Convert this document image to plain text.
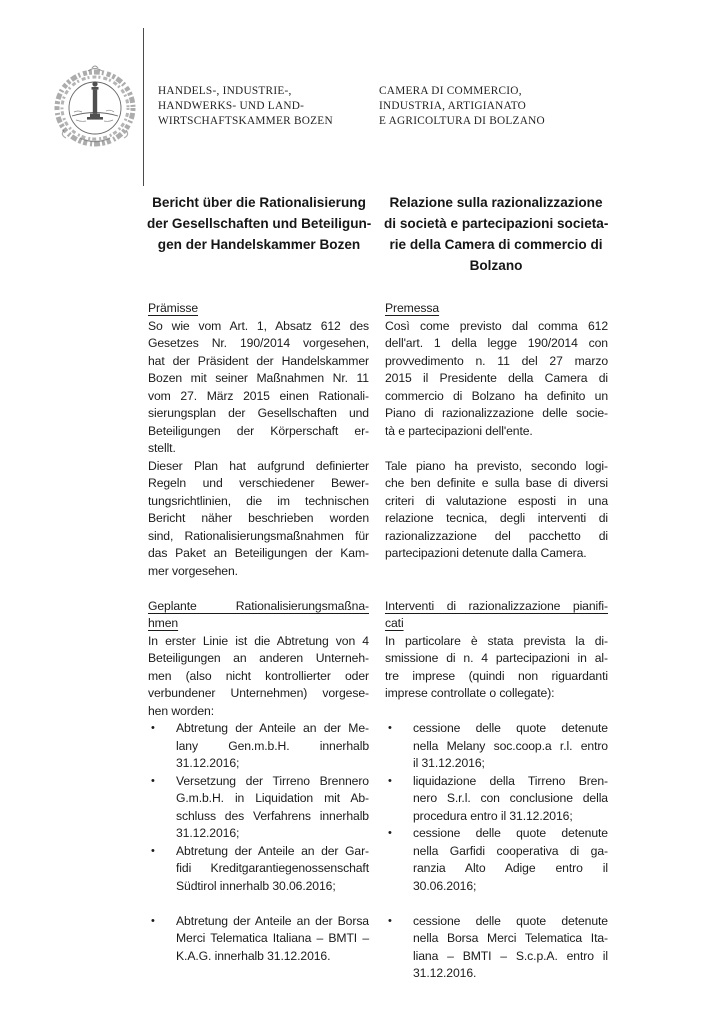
HANDELS-, INDUSTRIE-,
HANDWERKS- UND LAND-
WIRTSCHAFTSKAMMER BOZEN
CAMERA DI COMMERCIO,
INDUSTRIA, ARTIGIANATO
E AGRICOLTURA DI BOLZANO
Bericht über die Rationalisierung
der Gesellschaften und Beteiligun-
gen der Handelskammer Bozen
Relazione sulla razionalizzazione
di società e partecipazioni societa-
rie della Camera di commercio di
Bolzano
Prämisse
So wie vom Art. 1, Absatz 612 des
Gesetzes Nr. 190/2014 vorgesehen,
hat der Präsident der Handelskammer
Bozen mit seiner Maßnahmen Nr. 11
vom 27. März 2015 einen Rationali-
sierungsplan der Gesellschaften und
Beteiligungen der Körperschaft er-
stellt.
Dieser Plan hat aufgrund definierter
Regeln und verschiedener Bewer-
tungsrichtlinien, die im technischen
Bericht näher beschrieben worden
sind, Rationalisierungsmaßnahmen für
das Paket an Beteiligungen der Kam-
mer vorgesehen.
Geplante Rationalisierungsmaßna-
hmen
In erster Linie ist die Abtretung von 4
Beteiligungen an anderen Unterneh-
men (also nicht kontrollierter oder
verbundener Unternehmen) vorgese-
hen worden:
•	Abtretung der Anteile an der Me-
lany Gen.m.b.H. innerhalb
31.12.2016;
•	Versetzung der Tirreno Brennero
G.m.b.H. in Liquidation mit Ab-
schluss des Verfahrens innerhalb
31.12.2016;
•	Abtretung der Anteile an der Gar-
fidi Kreditgarantiegenossenschaft
Südtirol innerhalb 30.06.2016;
•	Abtretung der Anteile an der Borsa
Merci Telematica Italiana – BMTI –
K.A.G. innerhalb 31.12.2016.
Premessa
Così come previsto dal comma 612
dell'art. 1 della legge 190/2014 con
provvedimento n. 11 del 27 marzo
2015 il Presidente della Camera di
commercio di Bolzano ha definito un
Piano di razionalizzazione delle socie-
tà e partecipazioni dell'ente.
Tale piano ha previsto, secondo logi-
che ben definite e sulla base di diversi
criteri di valutazione esposti in una
relazione tecnica, degli interventi di
razionalizzazione del pacchetto di
partecipazioni detenute dalla Camera.
Interventi di razionalizzazione pianifi-
cati
In particolare è stata prevista la di-
smissione di n. 4 partecipazioni in al-
tre imprese (quindi non riguardanti
imprese controllate o collegate):
•	cessione delle quote detenute
nella Melany soc.coop.a r.l. entro
il 31.12.2016;
•	liquidazione della Tirreno Bren-
nero S.r.l. con conclusione della
procedura entro il 31.12.2016;
•	cessione delle quote detenute
nella Garfidi cooperativa di ga-
ranzia Alto Adige entro il
30.06.2016;
•	cessione delle quote detenute
nella Borsa Merci Telematica Ita-
liana – BMTI – S.c.p.A. entro il
31.12.2016.
